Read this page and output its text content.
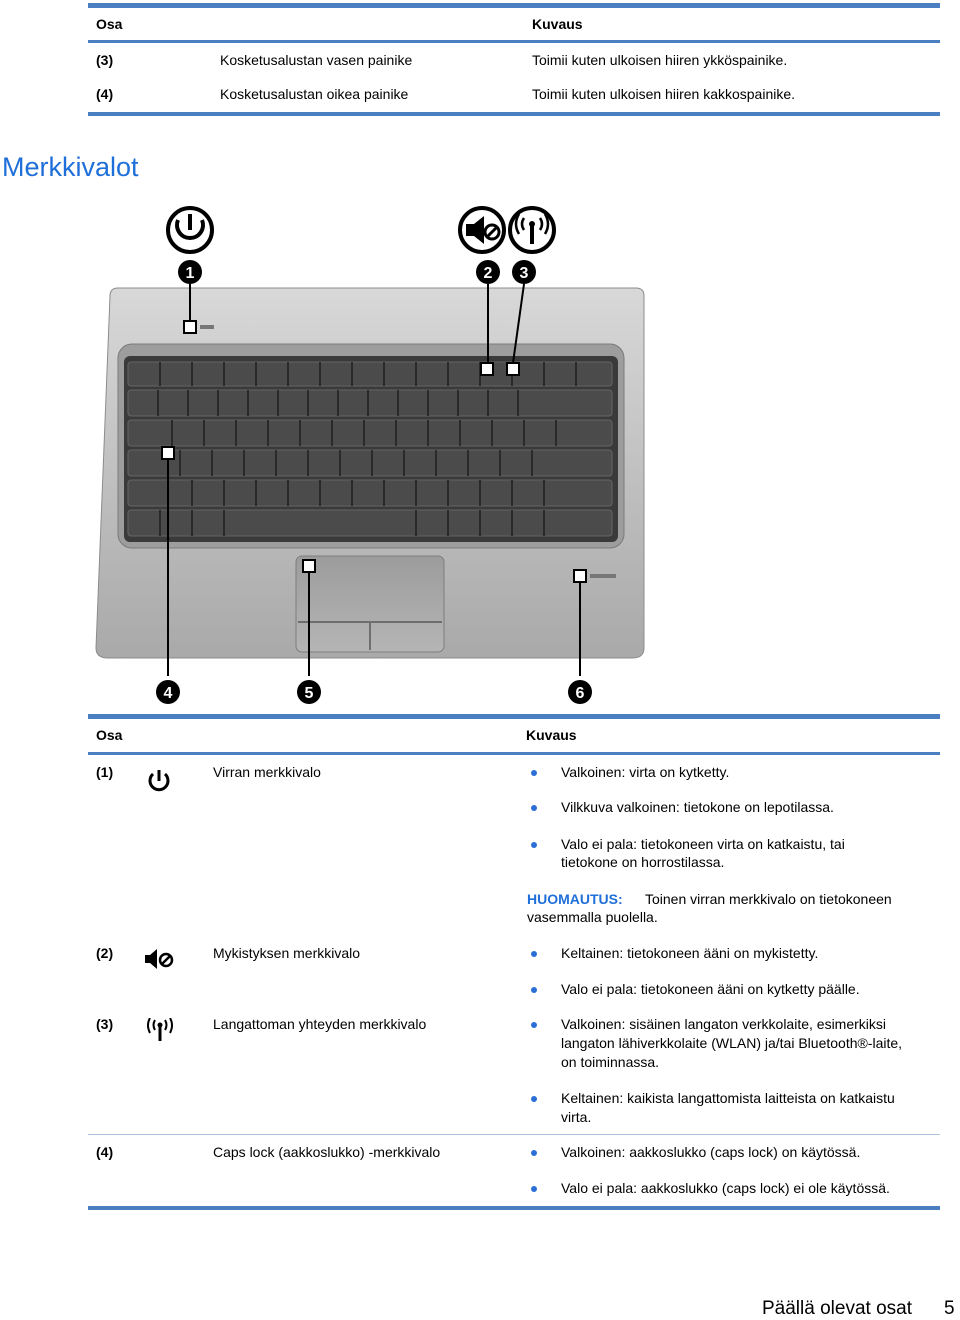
Osa	Kuvaus
(3)	Kosketusalustan vasen painike	Toimii kuten ulkoisen hiiren ykköspainike.
(4)	Kosketusalustan oikea painike	Toimii kuten ulkoisen hiiren kakkospainike.
Merkkivalot
1	2 3
4	5	6
Osa	Kuvaus
(1)	Virran merkkivalo	Valkoinen: virta on kytketty.
Vilkkuva valkoinen: tietokone on lepotilassa.
Valo ei pala: tietokoneen virta on katkaistu, tai
tietokone on horrostilassa.
HUOMAUTUS: Toinen virran merkkivalo on tietokoneen
vasemmalla puolella.
(2)	Mykistyksen merkkivalo	Keltainen: tietokoneen ääni on mykistetty.
Valo ei pala: tietokoneen ääni on kytketty päälle.
(3)	Langattoman yhteyden merkkivalo	Valkoinen: sisäinen langaton verkkolaite, esimerkiksi
langaton lähiverkkolaite (WLAN) ja/tai Bluetooth®-laite,
on toiminnassa.
Keltainen: kaikista langattomista laitteista on katkaistu
virta.
(4)	Caps lock (aakkoslukko) -merkkivalo	Valkoinen: aakkoslukko (caps lock) on käytössä.
Valo ei pala: aakkoslukko (caps lock) ei ole käytössä.
Päällä olevat osat 5
